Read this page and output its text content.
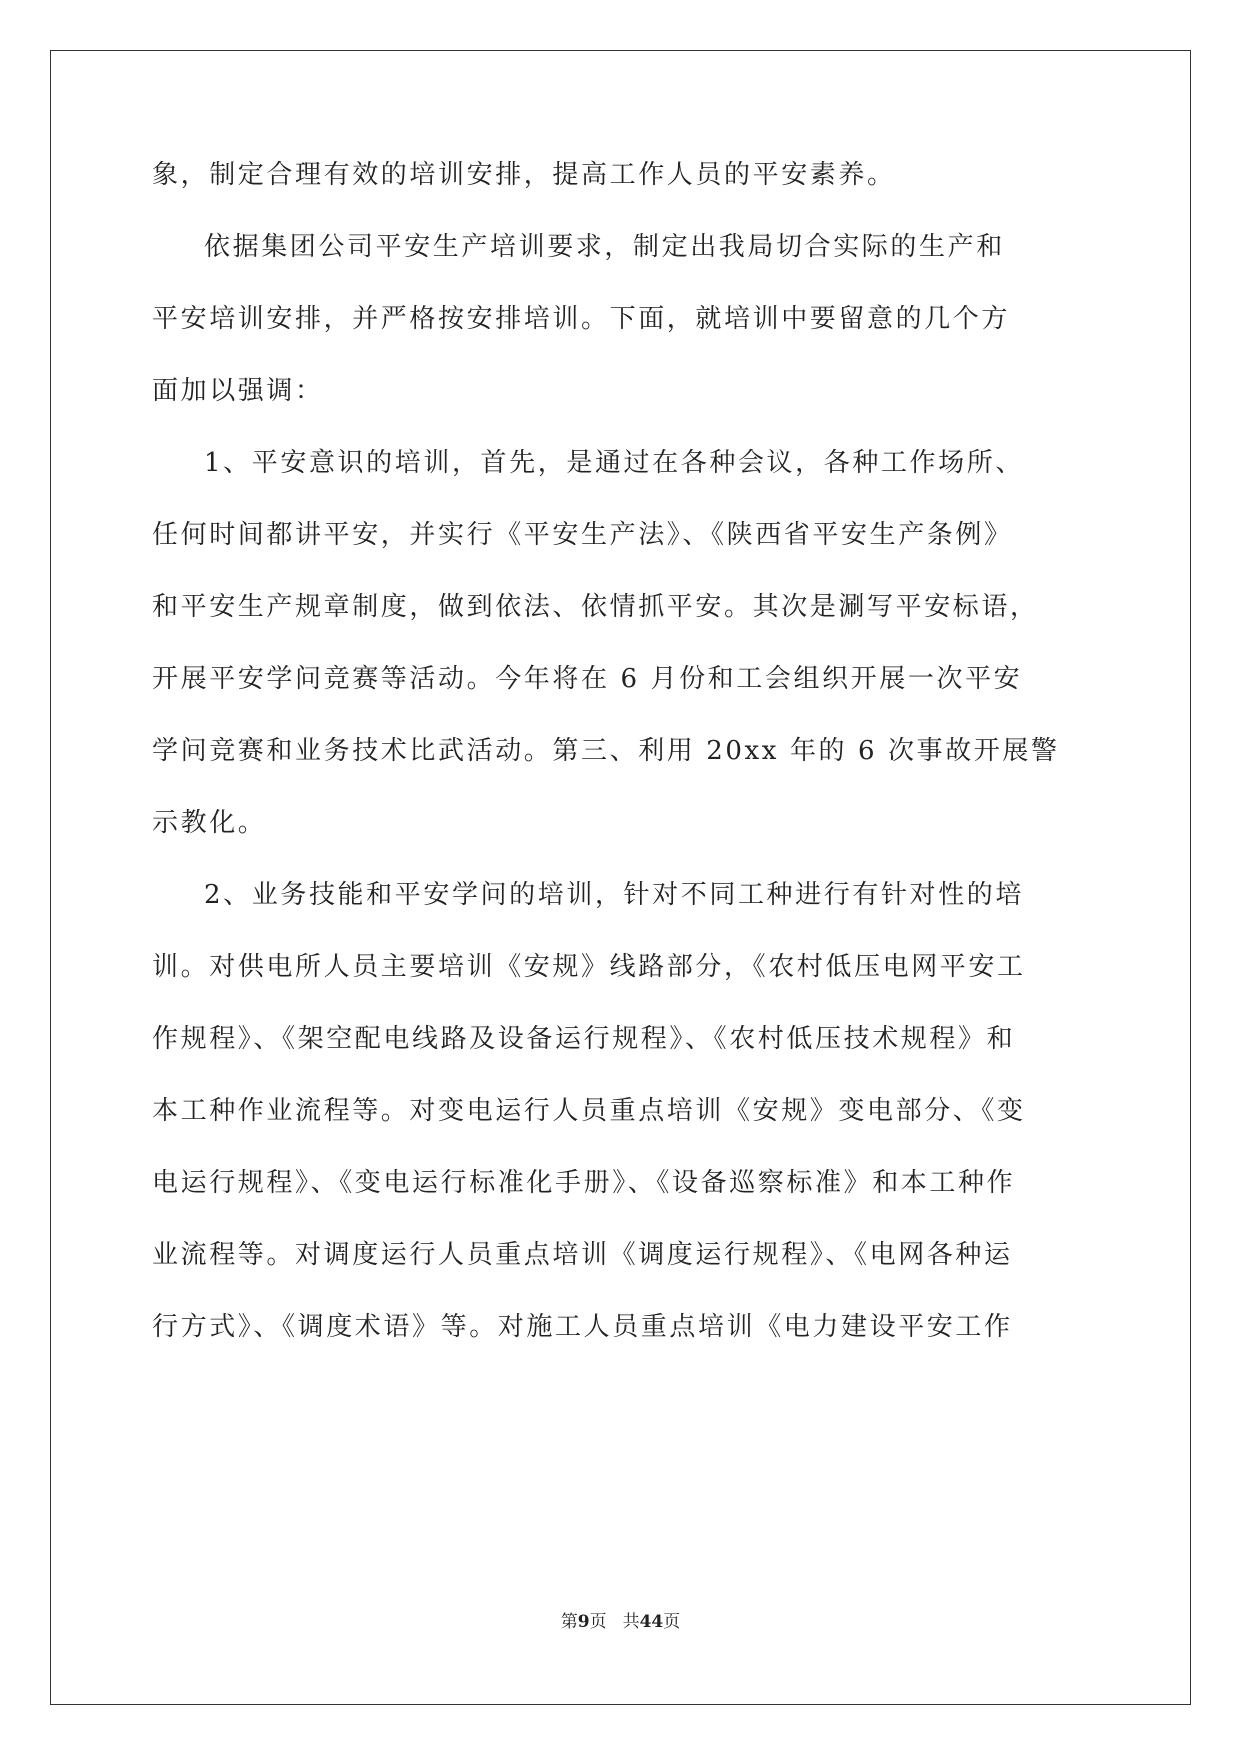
象，制定合理有效的培训安排，提高工作人员的平安素养。
依据集团公司平安生产培训要求，制定出我局切合实际的生产和
平安培训安排，并严格按安排培训。下面，就培训中要留意的几个方
面加以强调：
1、平安意识的培训，首先，是通过在各种会议，各种工作场所、
任何时间都讲平安，并实行《平安生产法》、《陕西省平安生产条例》
和平安生产规章制度，做到依法、依情抓平安。其次是涮写平安标语，
开展平安学问竞赛等活动。今年将在 6 月份和工会组织开展一次平安
学问竞赛和业务技术比武活动。第三、利用 20xx 年的 6 次事故开展警
示教化。
2、业务技能和平安学问的培训，针对不同工种进行有针对性的培
训。对供电所人员主要培训《安规》线路部分，《农村低压电网平安工
作规程》、《架空配电线路及设备运行规程》、《农村低压技术规程》和
本工种作业流程等。对变电运行人员重点培训《安规》变电部分、《变
电运行规程》、《变电运行标准化手册》、《设备巡察标准》和本工种作
业流程等。对调度运行人员重点培训《调度运行规程》、《电网各种运
行方式》、《调度术语》等。对施工人员重点培训《电力建设平安工作
第9页 共44页
